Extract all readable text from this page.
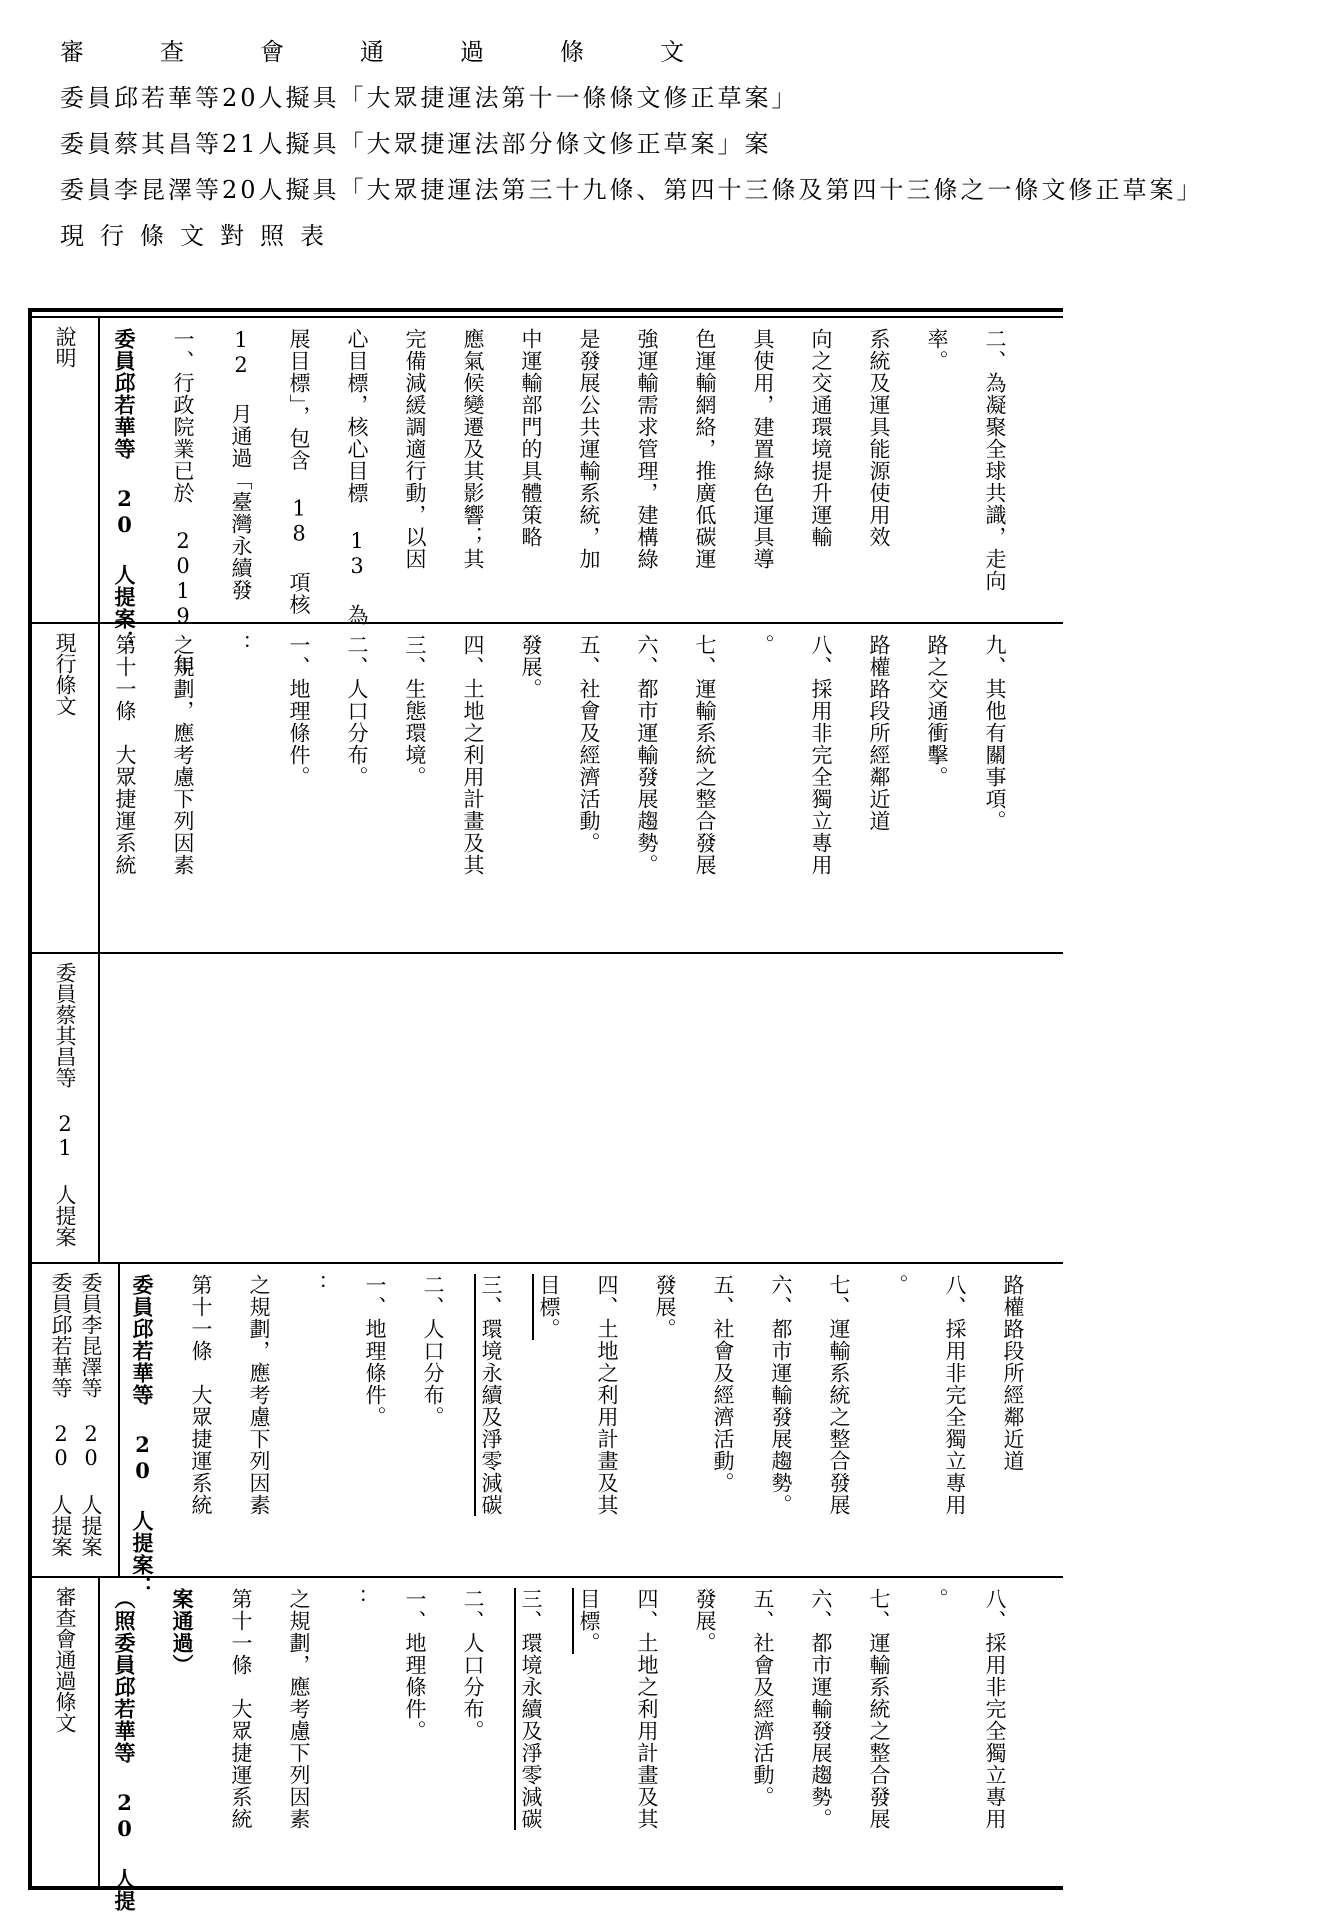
審　查　會　通　過　條　文
委員邱若華等20人擬具「大眾捷運法第十一條條文修正草案」
委員蔡其昌等21人擬具「大眾捷運法部分條文修正草案」案
委員李昆澤等20人擬具「大眾捷運法第三十九條、第四十三條及第四十三條之一條文修正草案」
現行條文對照表
審查會通過條文 （照委員邱若華等 20 人提 案通過） 第十一條　大眾捷運系統 之規劃，應考慮下列因素 ： 一、地理條件。 二、人口分布。 三、環境永續及淨零減碳 目標。 四、土地之利用計畫及其 發展。 五、社會及經濟活動。 六、都市運輸發展趨勢。 七、運輸系統之整合發展 。 八、採用非完全獨立專用
委員邱若華等 20 人提案 委員李昆澤等 20 人提案 委員邱若華等 20 人提案： 第十一條　大眾捷運系統 之規劃，應考慮下列因素 ： 一、地理條件。 二、人口分布。 三、環境永續及淨零減碳 目標。 四、土地之利用計畫及其 發展。 五、社會及經濟活動。 六、都市運輸發展趨勢。 七、運輸系統之整合發展 。 八、採用非完全獨立專用 路權路段所經鄰近道
委員蔡其昌等 21 人提案
現行條文 第十一條　大眾捷運系統 之規劃，應考慮下列因素 ： 一、地理條件。 二、人口分布。 三、生態環境。 四、土地之利用計畫及其 發展。 五、社會及經濟活動。 六、都市運輸發展趨勢。 七、運輸系統之整合發展 。 八、採用非完全獨立專用 路權路段所經鄰近道 路之交通衝擊。 九、其他有關事項。
說明 委員邱若華等 20 人提案： 一、行政院業已於 2019 年 12 月通過「臺灣永續發 展目標」，包含 18 項核 心目標，核心目標 13 為 完備減緩調適行動，以因 應氣候變遷及其影響；其 中運輸部門的具體策略 是發展公共運輸系統，加 強運輸需求管理，建構綠 色運輸網絡，推廣低碳運 具使用，建置綠色運具導 向之交通環境提升運輸 系統及運具能源使用效 率。 二、為凝聚全球共識，走向
